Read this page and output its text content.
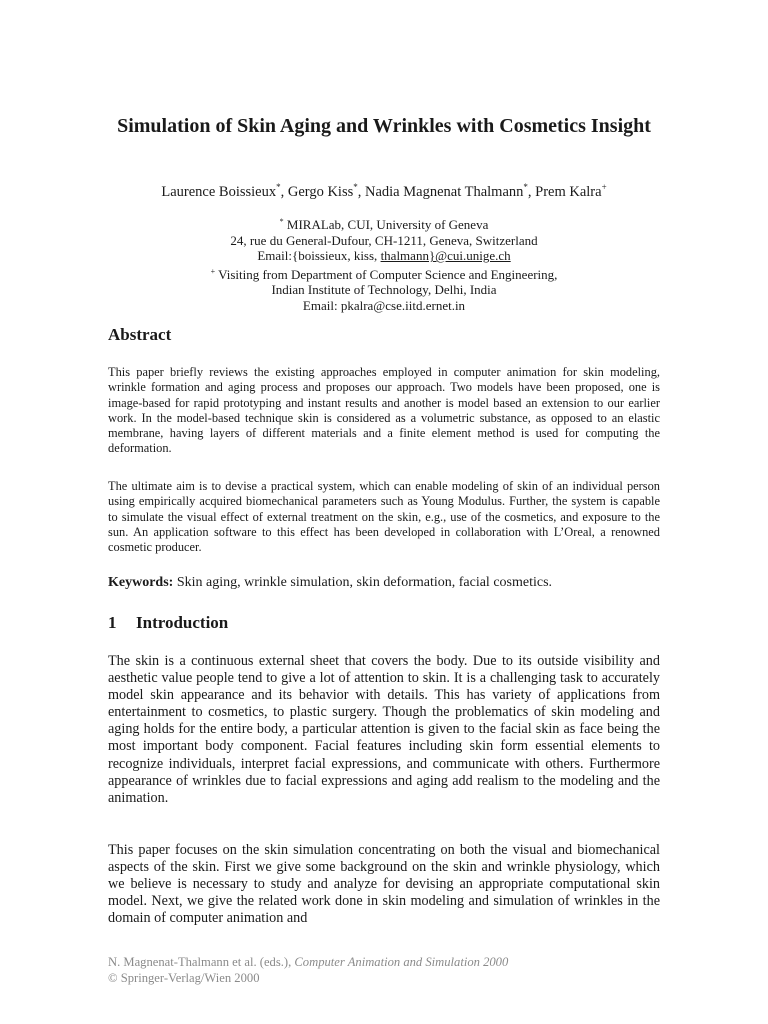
Simulation of Skin Aging and Wrinkles with Cosmetics Insight

Laurence Boissieux*, Gergo Kiss*, Nadia Magnenat Thalmann*, Prem Kalra+

* MIRALab, CUI, University of Geneva
24, rue du General-Dufour, CH-1211, Geneva, Switzerland
Email:{boissieux, kiss, thalmann}@cui.unige.ch
+ Visiting from Department of Computer Science and Engineering,
Indian Institute of Technology, Delhi, India
Email: pkalra@cse.iitd.ernet.in
Abstract

This paper briefly reviews the existing approaches employed in computer animation for skin modeling, wrinkle formation and aging process and proposes our approach. Two models have been proposed, one is image-based for rapid prototyping and instant results and another is model based an extension to our earlier work. In the model-based technique skin is considered as a volumetric substance, as opposed to an elastic membrane, having layers of different materials and a finite element method is used for computing the deformation.

The ultimate aim is to devise a practical system, which can enable modeling of skin of an individual person using empirically acquired biomechanical parameters such as Young Modulus. Further, the system is capable to simulate the visual effect of external treatment on the skin, e.g., use of the cosmetics, and exposure to the sun. An application software to this effect has been developed in collaboration with L’Oreal, a renowned cosmetic producer.

Keywords: Skin aging, wrinkle simulation, skin deformation, facial cosmetics.

1 Introduction

The skin is a continuous external sheet that covers the body. Due to its outside visibility and aesthetic value people tend to give a lot of attention to skin. It is a challenging task to accurately model skin appearance and its behavior with details. This has variety of applications from entertainment to cosmetics, to plastic surgery. Though the problematics of skin modeling and aging holds for the entire body, a particular attention is given to the facial skin as face being the most important body component. Facial features including skin form essential elements to recognize individuals, interpret facial expressions, and communicate with others. Furthermore appearance of wrinkles due to facial expressions and aging add realism to the modeling and the animation.

This paper focuses on the skin simulation concentrating on both the visual and biomechanical aspects of the skin. First we give some background on the skin and wrinkle physiology, which we believe is necessary to study and analyze for devising an appropriate computational skin model. Next, we give the related work done in skin modeling and simulation of wrinkles in the domain of computer animation and

N. Magnenat-Thalmann et al. (eds.), Computer Animation and Simulation 2000
© Springer-Verlag/Wien 2000
